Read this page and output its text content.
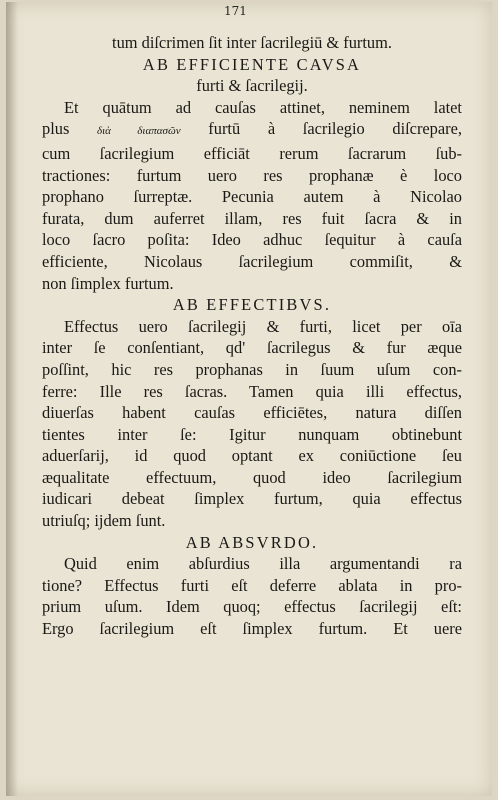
171
tum diſcrimen ſit inter ſacrilegiū & furtum.
AB EFFICIENTE CAVSA
furti & ſacrilegij.
Et quātum ad cauſas attinet, neminem latet
plus	διὰ διαπασῶν furtū à ſacrilegio diſcrepare,
cum ſacrilegium efficiāt rerum ſacrarum ſub-
tractiones: furtum uero res prophanæ è loco
prophano ſurreptæ. Pecunia autem à Nicolao
furata, dum auferret illam, res fuit ſacra & in
loco ſacro poſita: Ideo adhuc ſequitur à cauſa
efficiente, Nicolaus ſacrilegium commiſit, &
non ſimplex furtum.
AB EFFECTIBVS.
Effectus uero ſacrilegij & furti, licet per oīa
inter ſe conſentiant, qd' ſacrilegus & fur æque
poſſint, hic res prophanas in ſuum uſum con-
ferre: Ille res ſacras. Tamen quia illi effectus,
diuerſas habent cauſas efficiētes, natura diſſen
tientes inter ſe: Igitur nunquam obtinebunt
aduerſarij, id quod optant ex coniūctione ſeu
æqualitate effectuum, quod ideo ſacrilegium
iudicari debeat ſimplex furtum, quia effectus
utriuſq; ijdem ſunt.
AB ABSVRDO.
Quid enim abſurdius illa argumentandi ra
tione? Effectus furti eſt deferre ablata in pro-
prium uſum. Idem quoq; effectus ſacrilegij eſt:
Ergo ſacrilegium eſt ſimplex furtum. Et uere
